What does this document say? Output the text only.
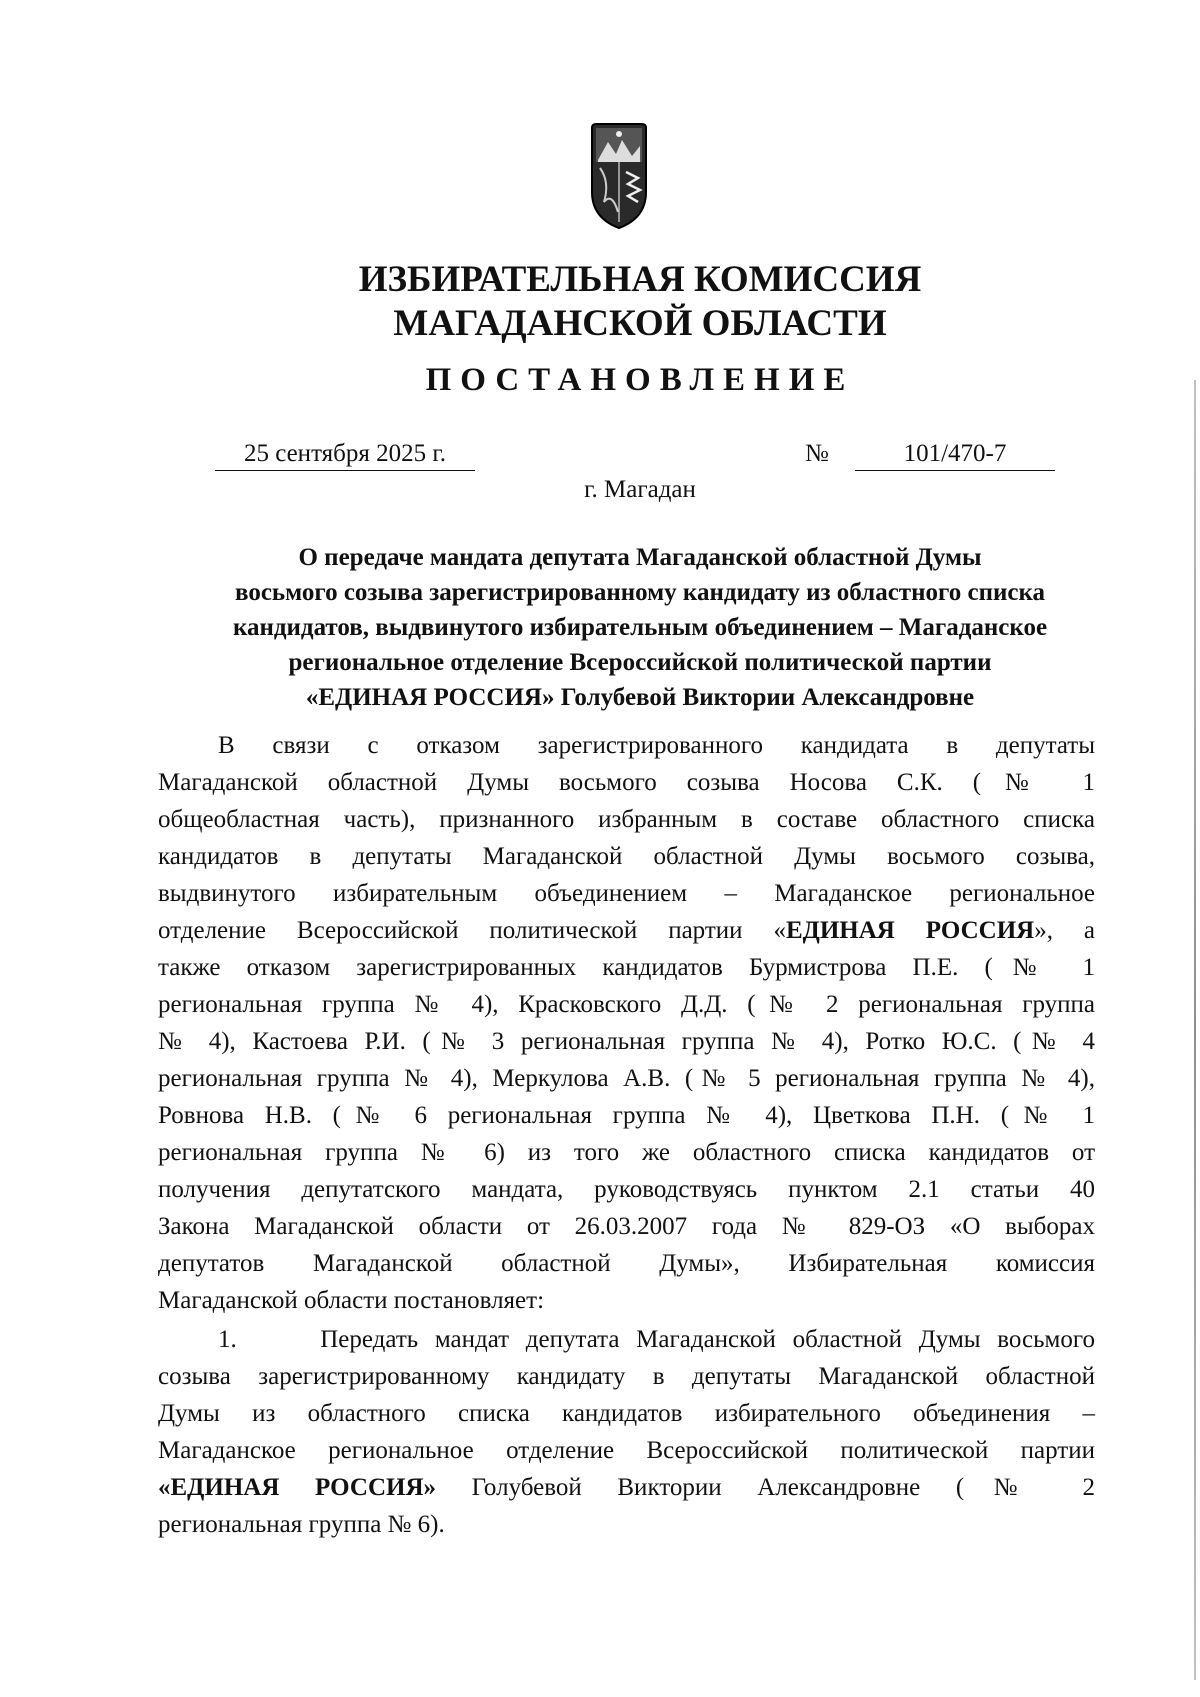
ИЗБИРАТЕЛЬНАЯ КОМИССИЯ
МАГАДАНСКОЙ ОБЛАСТИ
ПОСТАНОВЛЕНИЕ
25 сентября 2025 г.	№	101/470-7
г. Магадан
О передаче мандата депутата Магаданской областной Думы
восьмого созыва зарегистрированному кандидату из областного списка
кандидатов, выдвинутого избирательным объединением – Магаданское
региональное отделение Всероссийской политической партии
«ЕДИНАЯ РОССИЯ» Голубевой Виктории Александровне
В связи с отказом зарегистрированного кандидата в депутаты
Магаданской областной Думы восьмого созыва Носова С.К. (№ 1
общеобластная часть), признанного избранным в составе областного списка
кандидатов в депутаты Магаданской областной Думы восьмого созыва,
выдвинутого избирательным объединением – Магаданское региональное
отделение Всероссийской политической партии «ЕДИНАЯ РОССИЯ», а
также отказом зарегистрированных кандидатов Бурмистрова П.Е. (№ 1
региональная группа № 4), Красковского Д.Д. (№ 2 региональная группа
№ 4), Кастоева Р.И. (№ 3 региональная группа № 4), Ротко Ю.С. (№ 4
региональная группа № 4), Меркулова А.В. (№ 5 региональная группа № 4),
Ровнова Н.В. (№ 6 региональная группа № 4), Цветкова П.Н. (№ 1
региональная группа № 6) из того же областного списка кандидатов от
получения депутатского мандата, руководствуясь пунктом 2.1 статьи 40
Закона Магаданской области от 26.03.2007 года № 829-ОЗ «О выборах
депутатов Магаданской областной Думы», Избирательная комиссия
Магаданской области постановляет:
1.	Передать мандат депутата Магаданской областной Думы восьмого
созыва зарегистрированному кандидату в депутаты Магаданской областной
Думы из областного списка кандидатов избирательного объединения –
Магаданское региональное отделение Всероссийской политической партии
«ЕДИНАЯ РОССИЯ» Голубевой Виктории Александровне (№ 2
региональная группа № 6).
